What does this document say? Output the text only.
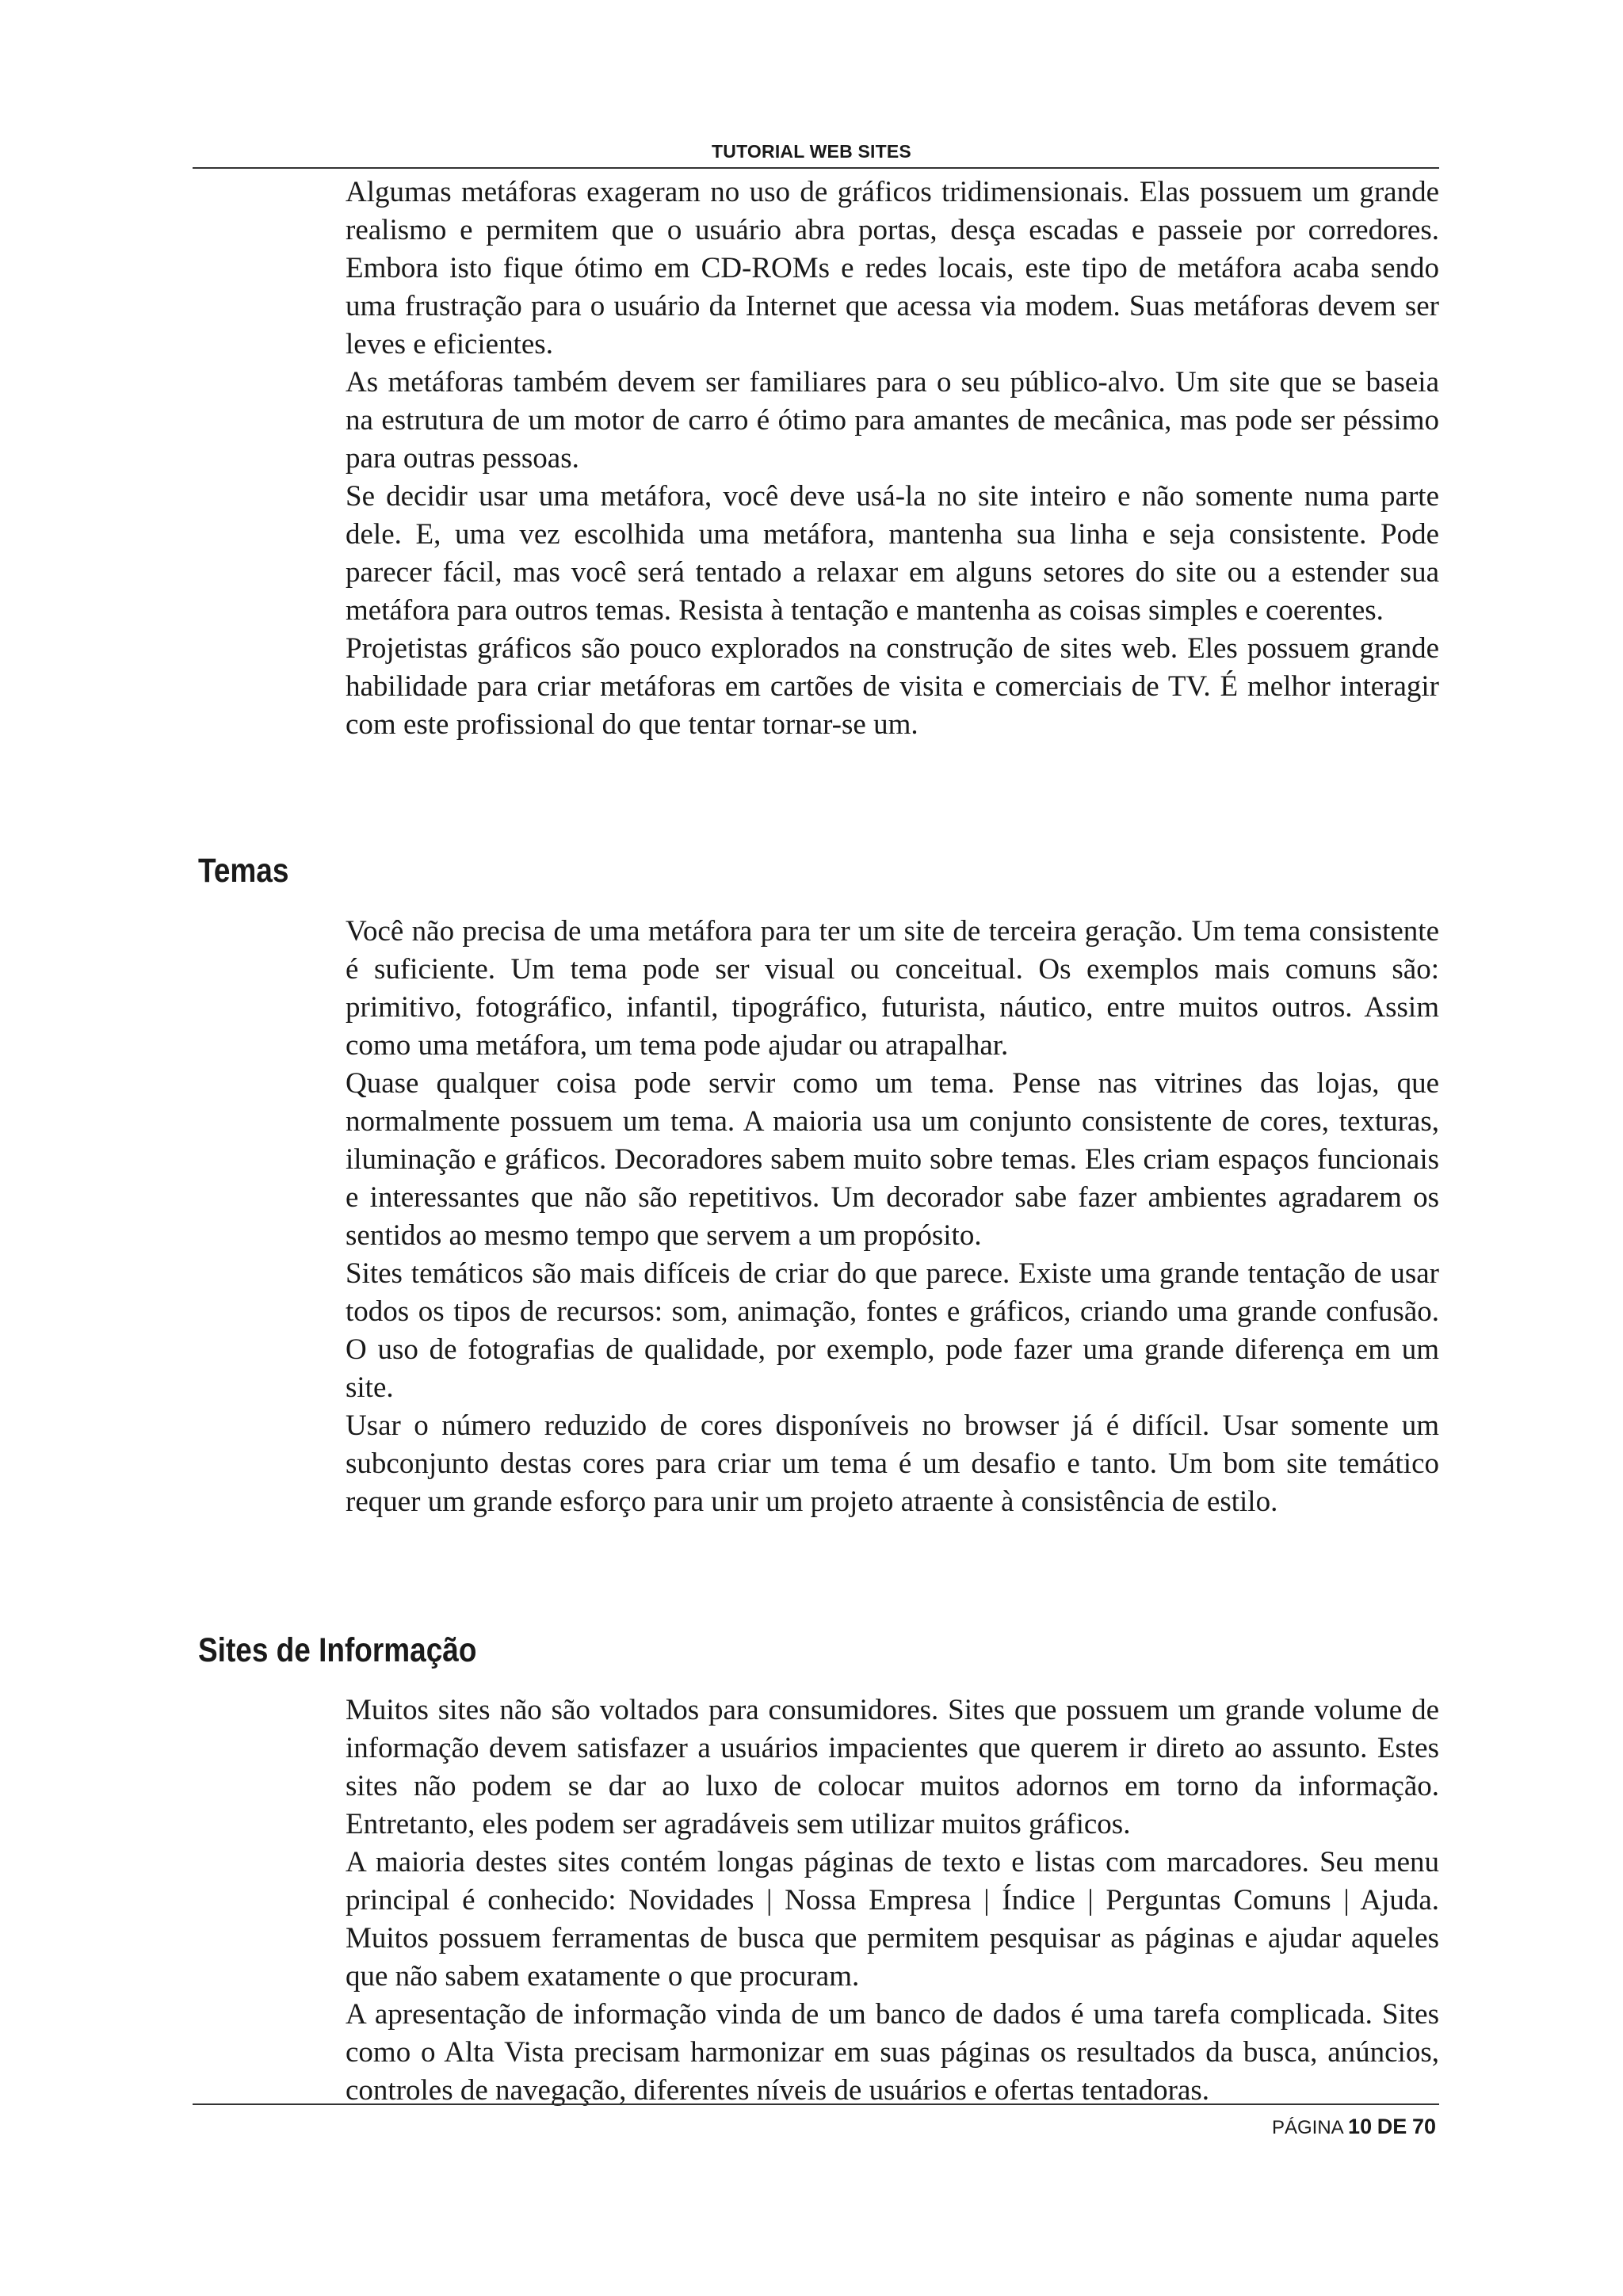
TUTORIAL WEB SITES

Algumas metáforas exageram no uso de gráficos tridimensionais. Elas possuem um grande realismo e permitem que o usuário abra portas, desça escadas e passeie por corredores. Embora isto fique ótimo em CD-ROMs e redes locais, este tipo de metáfora acaba sendo uma frustração para o usuário da Internet que acessa via modem. Suas metáforas devem ser leves e eficientes.

As metáforas também devem ser familiares para o seu público-alvo. Um site que se baseia na estrutura de um motor de carro é ótimo para amantes de mecânica, mas pode ser péssimo para outras pessoas.

Se decidir usar uma metáfora, você deve usá-la no site inteiro e não somente numa parte dele. E, uma vez escolhida uma metáfora, mantenha sua linha e seja consistente. Pode parecer fácil, mas você será tentado a relaxar em alguns setores do site ou a estender sua metáfora para outros temas. Resista à tentação e mantenha as coisas simples e coerentes.

Projetistas gráficos são pouco explorados na construção de sites web. Eles possuem grande habilidade para criar metáforas em cartões de visita e comerciais de TV. É melhor interagir com este profissional do que tentar tornar-se um.

Temas

Você não precisa de uma metáfora para ter um site de terceira geração. Um tema consistente é suficiente. Um tema pode ser visual ou conceitual. Os exemplos mais comuns são: primitivo, fotográfico, infantil, tipográfico, futurista, náutico, entre muitos outros. Assim como uma metáfora, um tema pode ajudar ou atrapalhar.

Quase qualquer coisa pode servir como um tema. Pense nas vitrines das lojas, que normalmente possuem um tema. A maioria usa um conjunto consistente de cores, texturas, iluminação e gráficos. Decoradores sabem muito sobre temas. Eles criam espaços funcionais e interessantes que não são repetitivos. Um decorador sabe fazer ambientes agradarem os sentidos ao mesmo tempo que servem a um propósito.

Sites temáticos são mais difíceis de criar do que parece. Existe uma grande tentação de usar todos os tipos de recursos: som, animação, fontes e gráficos, criando uma grande confusão. O uso de fotografias de qualidade, por exemplo, pode fazer uma grande diferença em um site.

Usar o número reduzido de cores disponíveis no browser já é difícil. Usar somente um subconjunto destas cores para criar um tema é um desafio e tanto. Um bom site temático requer um grande esforço para unir um projeto atraente à consistência de estilo.

Sites de Informação

Muitos sites não são voltados para consumidores. Sites que possuem um grande volume de informação devem satisfazer a usuários impacientes que querem ir direto ao assunto. Estes sites não podem se dar ao luxo de colocar muitos adornos em torno da informação. Entretanto, eles podem ser agradáveis sem utilizar muitos gráficos.

A maioria destes sites contém longas páginas de texto e listas com marcadores. Seu menu principal é conhecido: Novidades | Nossa Empresa | Índice | Perguntas Comuns | Ajuda. Muitos possuem ferramentas de busca que permitem pesquisar as páginas e ajudar aqueles que não sabem exatamente o que procuram.

A apresentação de informação vinda de um banco de dados é uma tarefa complicada. Sites como o Alta Vista precisam harmonizar em suas páginas os resultados da busca, anúncios, controles de navegação, diferentes níveis de usuários e ofertas tentadoras.

PÁGINA 10 DE 70
